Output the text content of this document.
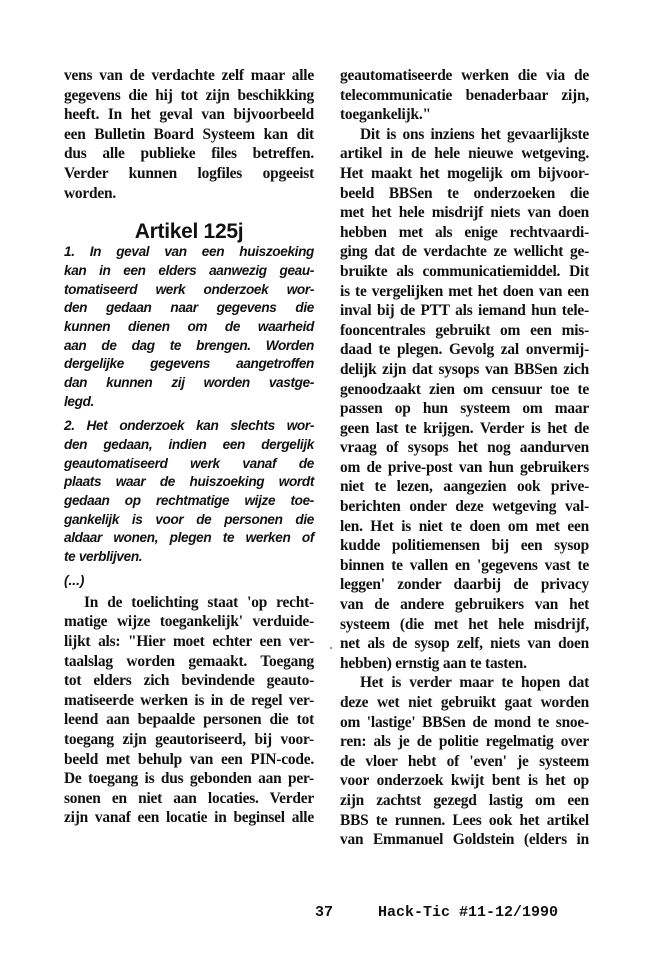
vens van de verdachte zelf maar alle
gegevens die hij tot zijn beschikking
heeft. In het geval van bijvoorbeeld
een Bulletin Board Systeem kan dit
dus alle publieke files betreffen.
Verder kunnen logfiles opgeeist
worden.
Artikel 125j
1. In geval van een huiszoeking
kan in een elders aanwezig geau-
tomatiseerd werk onderzoek wor-
den gedaan naar gegevens die
kunnen dienen om de waarheid
aan de dag te brengen. Worden
dergelijke gegevens aangetroffen
dan kunnen zij worden vastge-
legd.
2. Het onderzoek kan slechts wor-
den gedaan, indien een dergelijk
geautomatiseerd werk vanaf de
plaats waar de huiszoeking wordt
gedaan op rechtmatige wijze toe-
gankelijk is voor de personen die
aldaar wonen, plegen te werken of
te verblijven.
(...)
In de toelichting staat 'op recht-
matige wijze toegankelijk' verduide-
lijkt als: "Hier moet echter een ver-
taalslag worden gemaakt. Toegang
tot elders zich bevindende geauto-
matiseerde werken is in de regel ver-
leend aan bepaalde personen die tot
toegang zijn geautoriseerd, bij voor-
beeld met behulp van een PIN-code.
De toegang is dus gebonden aan per-
sonen en niet aan locaties. Verder
zijn vanaf een locatie in beginsel alle
geautomatiseerde werken die via de
telecommunicatie benaderbaar zijn,
toegankelijk."
Dit is ons inziens het gevaarlijkste
artikel in de hele nieuwe wetgeving.
Het maakt het mogelijk om bijvoor-
beeld BBSen te onderzoeken die
met het hele misdrijf niets van doen
hebben met als enige rechtvaardi-
ging dat de verdachte ze wellicht ge-
bruikte als communicatiemiddel. Dit
is te vergelijken met het doen van een
inval bij de PTT als iemand hun tele-
fooncentrales gebruikt om een mis-
daad te plegen. Gevolg zal onvermij-
delijk zijn dat sysops van BBSen zich
genoodzaakt zien om censuur toe te
passen op hun systeem om maar
geen last te krijgen. Verder is het de
vraag of sysops het nog aandurven
om de prive-post van hun gebruikers
niet te lezen, aangezien ook prive-
berichten onder deze wetgeving val-
len. Het is niet te doen om met een
kudde politiemensen bij een sysop
binnen te vallen en 'gegevens vast te
leggen' zonder daarbij de privacy
van de andere gebruikers van het
systeem (die met het hele misdrijf,
net als de sysop zelf, niets van doen
hebben) ernstig aan te tasten.
Het is verder maar te hopen dat
deze wet niet gebruikt gaat worden
om 'lastige' BBSen de mond te snoe-
ren: als je de politie regelmatig over
de vloer hebt of 'even' je systeem
voor onderzoek kwijt bent is het op
zijn zachtst gezegd lastig om een
BBS te runnen. Lees ook het artikel
van Emmanuel Goldstein (elders in
37	Hack-Tic #11-12/1990
